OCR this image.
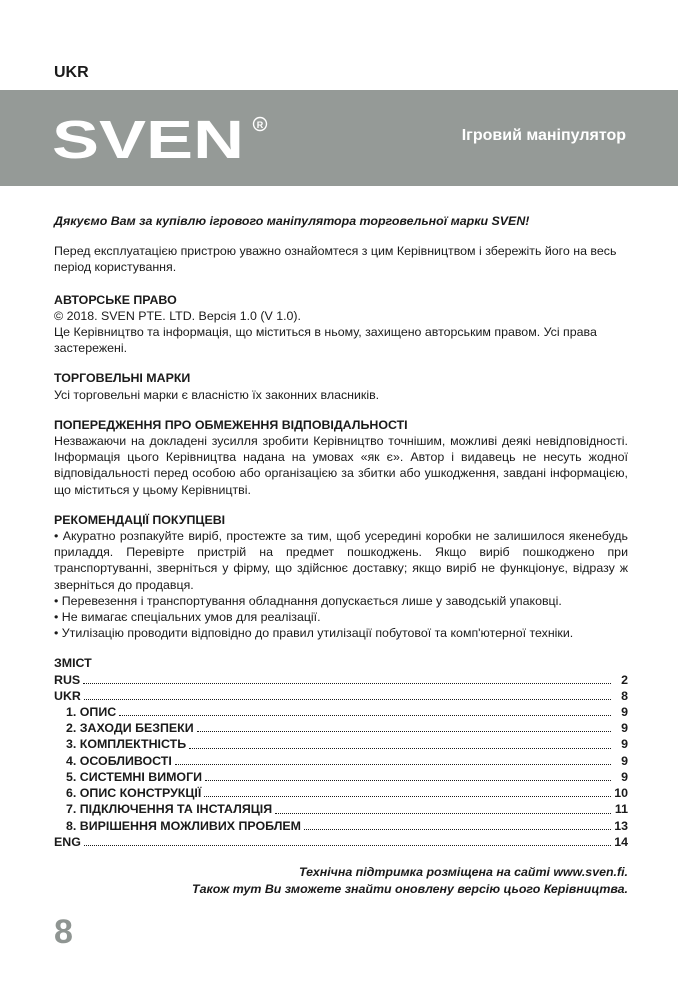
UKR
SVEN R
Ігровий маніпулятор
Дякуємо Вам за купівлю ігрового маніпулятора торговельної марки SVEN!
Перед експлуатацією пристрою уважно ознайомтеся з цим Керівництвом і збережіть його на весь період користування.
АВТОРСЬКЕ ПРАВО
© 2018. SVEN PTE. LTD. Версія 1.0 (V 1.0).
Це Керівництво та інформація, що міститься в ньому, захищено авторським правом. Усі права застережені.
ТОРГОВЕЛЬНІ МАРКИ
Усі торговельні марки є власністю їх законних власників.
ПОПЕРЕДЖЕННЯ ПРО ОБМЕЖЕННЯ ВІДПОВІДАЛЬНОСТІ
Незважаючи на докладені зусилля зробити Керівництво точнішим, можливі деякі невідповідності. Інформація цього Керівництва надана на умовах «як є». Автор і видавець не несуть жодної відповідальності перед особою або організацією за збитки або ушкодження, завдані інформацією, що міститься у цьому Керівництві.
РЕКОМЕНДАЦІЇ ПОКУПЦЕВІ
• Акуратно розпакуйте виріб, простежте за тим, щоб усередині коробки не залишилося якенебудь приладдя. Перевірте пристрій на предмет пошкоджень. Якщо виріб пошкоджено при транспортуванні, зверніться у фірму, що здійснює доставку; якщо виріб не функціонує, відразу ж зверніться до продавця.
• Перевезення і транспортування обладнання допускається лише у заводській упаковці.
• Не вимагає спеціальних умов для реалізації.
• Утилізацію проводити відповідно до правил утилізації побутової та комп'ютерної техніки.
ЗМІСТ
RUS	2
UKR	8
1. ОПИС	9
2. ЗАХОДИ БЕЗПЕКИ	9
3. КОМПЛЕКТНІСТЬ	9
4. ОСОБЛИВОСТІ	9
5. СИСТЕМНІ ВИМОГИ	9
6. ОПИС КОНСТРУКЦІЇ	10
7. ПІДКЛЮЧЕННЯ ТА ІНСТАЛЯЦІЯ	11
8. ВИРІШЕННЯ МОЖЛИВИХ ПРОБЛЕМ	13
ENG	14
Технічна підтримка розміщена на сайті www.sven.fi.
Також тут Ви зможете знайти оновлену версію цього Керівництва.
8
